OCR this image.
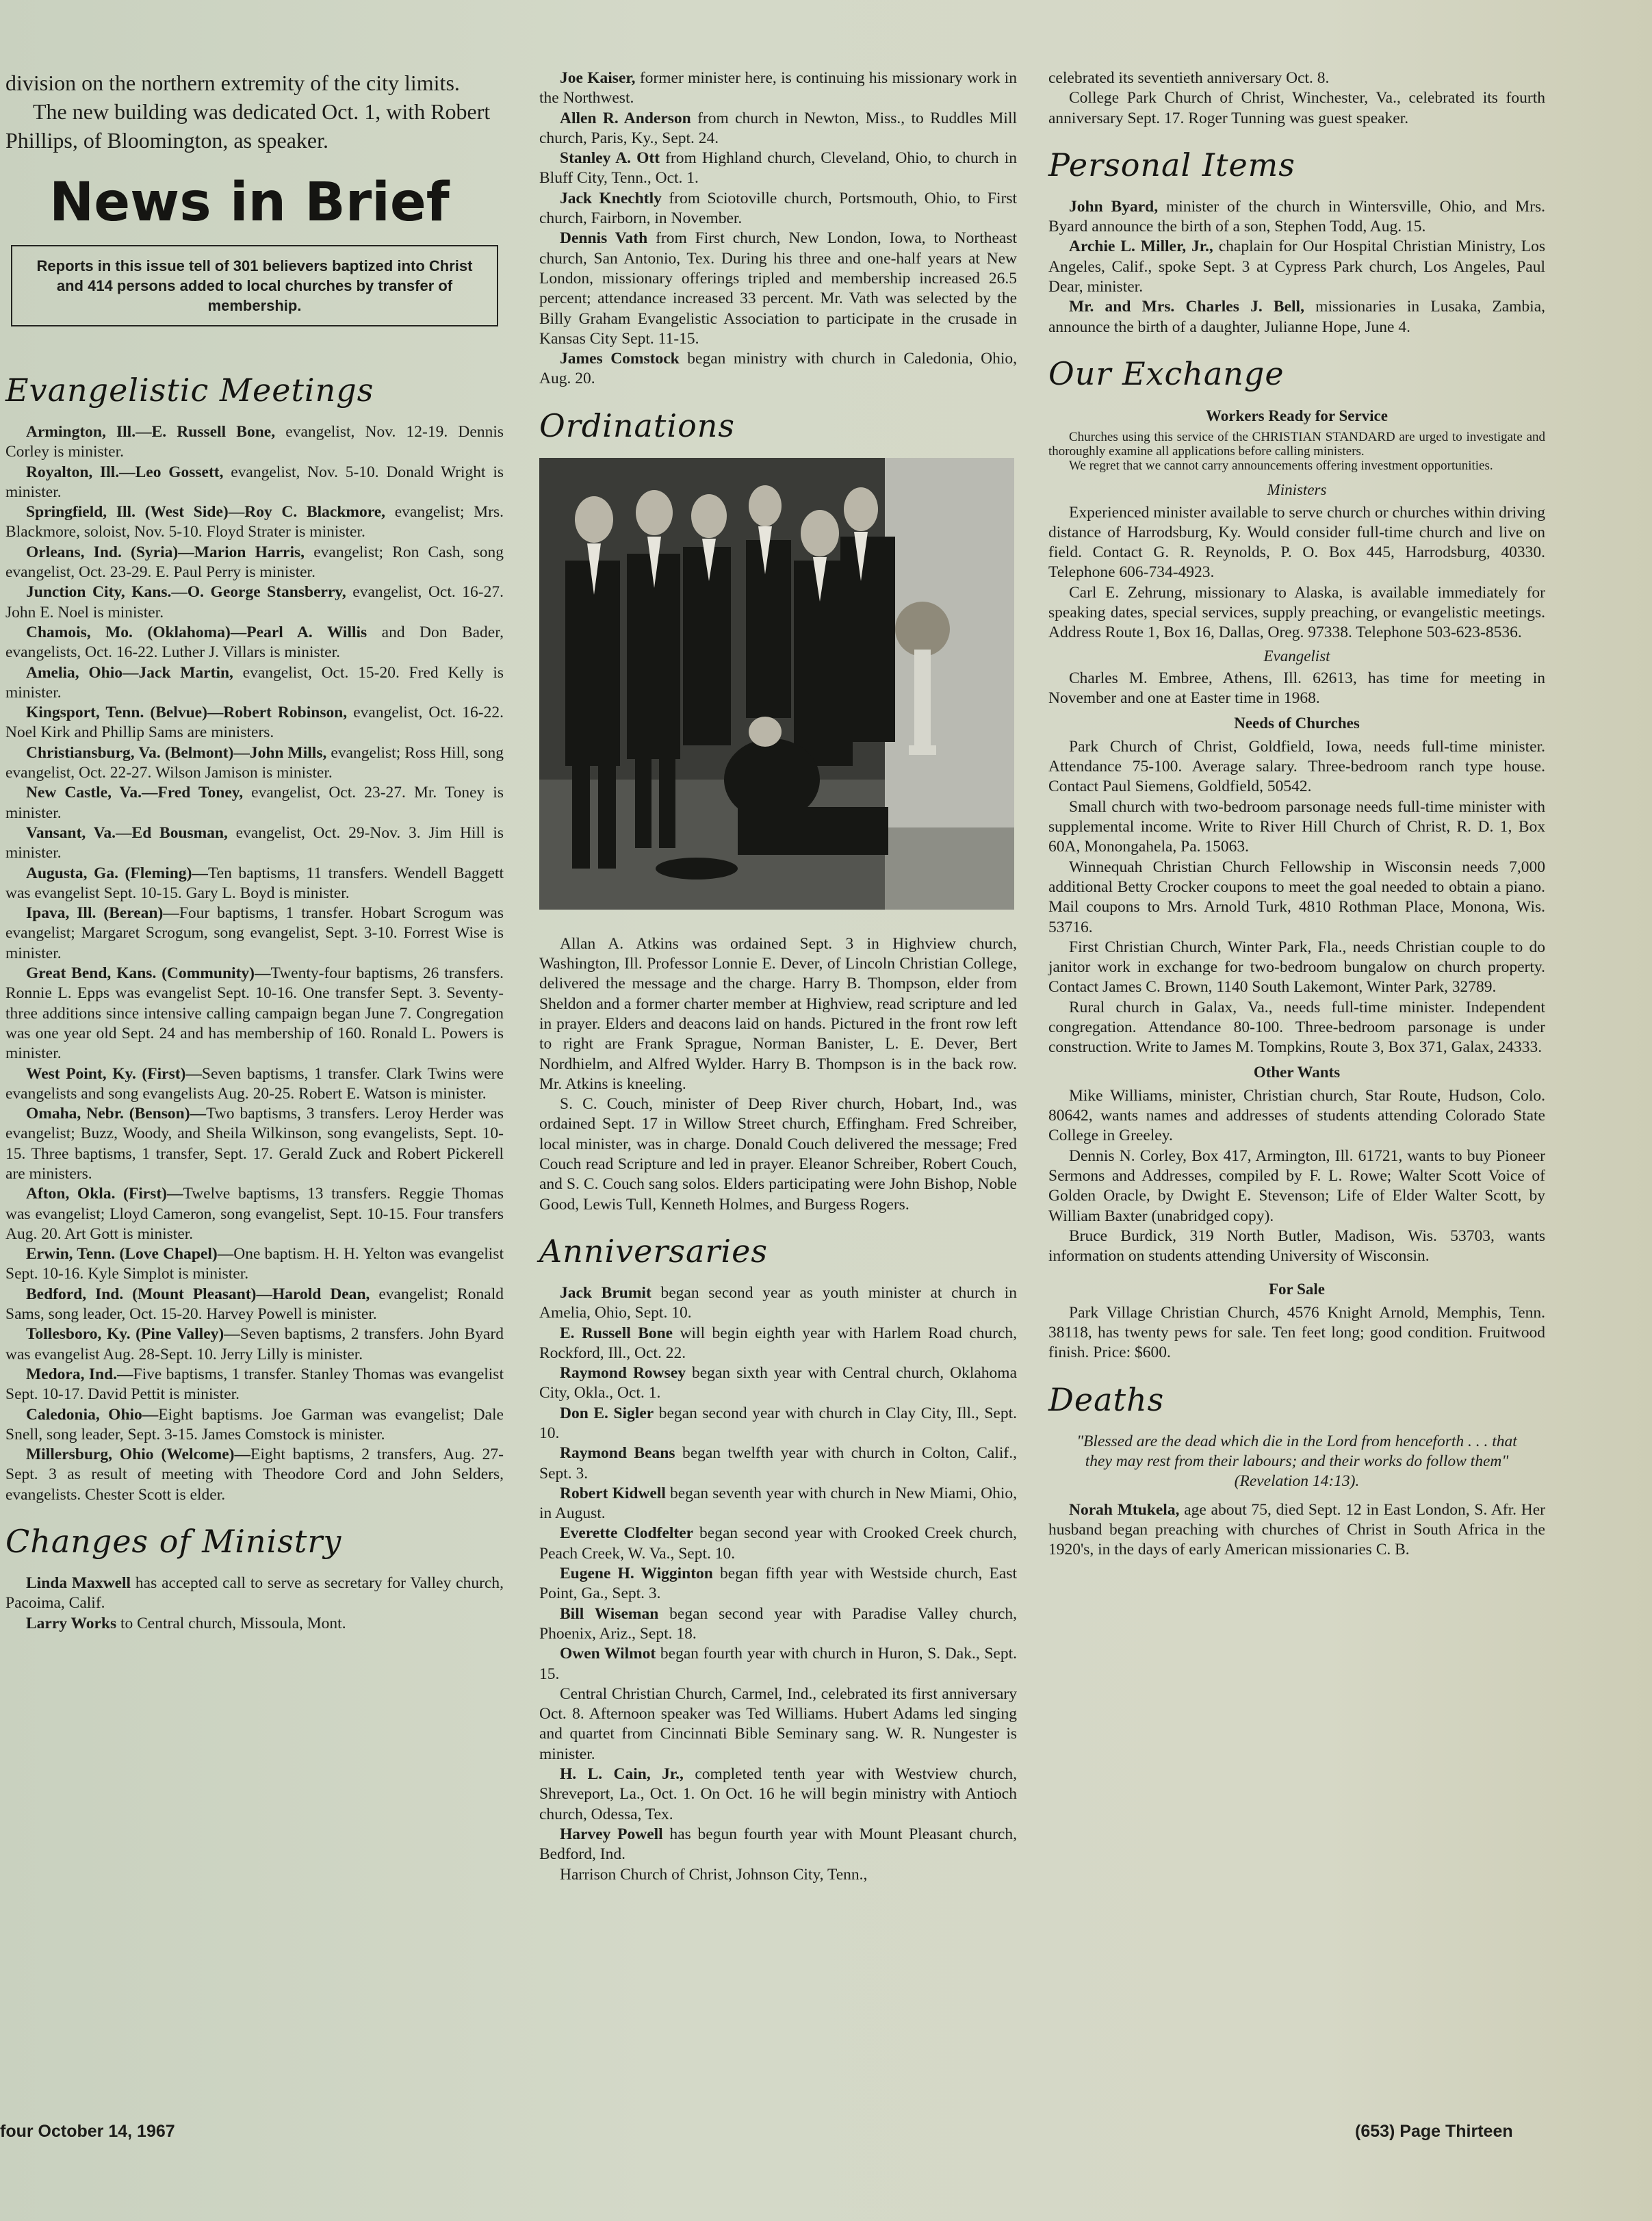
division on the northern extremity of the city limits.

The new building was dedicated Oct. 1, with Robert Phillips, of Bloomington, as speaker.

News in Brief
Reports in this issue tell of 301 believers baptized into Christ and 414 persons added to local churches by transfer of membership.
Evangelistic Meetings

Armington, Ill.—E. Russell Bone, evangelist, Nov. 12-19. Dennis Corley is minister.

Royalton, Ill.—Leo Gossett, evangelist, Nov. 5-10. Donald Wright is minister.

Springfield, Ill. (West Side)—Roy C. Blackmore, evangelist; Mrs. Blackmore, soloist, Nov. 5-10. Floyd Strater is minister.

Orleans, Ind. (Syria)—Marion Harris, evangelist; Ron Cash, song evangelist, Oct. 23-29. E. Paul Perry is minister.

Junction City, Kans.—O. George Stansberry, evangelist, Oct. 16-27. John E. Noel is minister.

Chamois, Mo. (Oklahoma)—Pearl A. Willis and Don Bader, evangelists, Oct. 16-22. Luther J. Villars is minister.

Amelia, Ohio—Jack Martin, evangelist, Oct. 15-20. Fred Kelly is minister.

Kingsport, Tenn. (Belvue)—Robert Robinson, evangelist, Oct. 16-22. Noel Kirk and Phillip Sams are ministers.

Christiansburg, Va. (Belmont)—John Mills, evangelist; Ross Hill, song evangelist, Oct. 22-27. Wilson Jamison is minister.

New Castle, Va.—Fred Toney, evangelist, Oct. 23-27. Mr. Toney is minister.

Vansant, Va.—Ed Bousman, evangelist, Oct. 29-Nov. 3. Jim Hill is minister.

Augusta, Ga. (Fleming)—Ten baptisms, 11 transfers. Wendell Baggett was evangelist Sept. 10-15. Gary L. Boyd is minister.

Ipava, Ill. (Berean)—Four baptisms, 1 transfer. Hobart Scrogum was evangelist; Margaret Scrogum, song evangelist, Sept. 3-10. Forrest Wise is minister.

Great Bend, Kans. (Community)—Twenty-four baptisms, 26 transfers. Ronnie L. Epps was evangelist Sept. 10-16. One transfer Sept. 3. Seventy-three additions since intensive calling campaign began June 7. Congregation was one year old Sept. 24 and has membership of 160. Ronald L. Powers is minister.

West Point, Ky. (First)—Seven baptisms, 1 transfer. Clark Twins were evangelists and song evangelists Aug. 20-25. Robert E. Watson is minister.

Omaha, Nebr. (Benson)—Two baptisms, 3 transfers. Leroy Herder was evangelist; Buzz, Woody, and Sheila Wilkinson, song evangelists, Sept. 10-15. Three baptisms, 1 transfer, Sept. 17. Gerald Zuck and Robert Pickerell are ministers.

Afton, Okla. (First)—Twelve baptisms, 13 transfers. Reggie Thomas was evangelist; Lloyd Cameron, song evangelist, Sept. 10-15. Four transfers Aug. 20. Art Gott is minister.

Erwin, Tenn. (Love Chapel)—One baptism. H. H. Yelton was evangelist Sept. 10-16. Kyle Simplot is minister.

Bedford, Ind. (Mount Pleasant)—Harold Dean, evangelist; Ronald Sams, song leader, Oct. 15-20. Harvey Powell is minister.

Tollesboro, Ky. (Pine Valley)—Seven baptisms, 2 transfers. John Byard was evangelist Aug. 28-Sept. 10. Jerry Lilly is minister.

Medora, Ind.—Five baptisms, 1 transfer. Stanley Thomas was evangelist Sept. 10-17. David Pettit is minister.

Caledonia, Ohio—Eight baptisms. Joe Garman was evangelist; Dale Snell, song leader, Sept. 3-15. James Comstock is minister.

Millersburg, Ohio (Welcome)—Eight baptisms, 2 transfers, Aug. 27-Sept. 3 as result of meeting with Theodore Cord and John Selders, evangelists. Chester Scott is elder.

Changes of Ministry

Linda Maxwell has accepted call to serve as secretary for Valley church, Pacoima, Calif.

Larry Works to Central church, Missoula, Mont.

Joe Kaiser, former minister here, is continuing his missionary work in the Northwest.

Allen R. Anderson from church in Newton, Miss., to Ruddles Mill church, Paris, Ky., Sept. 24.

Stanley A. Ott from Highland church, Cleveland, Ohio, to church in Bluff City, Tenn., Oct. 1.

Jack Knechtly from Sciotoville church, Portsmouth, Ohio, to First church, Fairborn, in November.

Dennis Vath from First church, New London, Iowa, to Northeast church, San Antonio, Tex. During his three and one-half years at New London, missionary offerings tripled and membership increased 26.5 percent; attendance increased 33 percent. Mr. Vath was selected by the Billy Graham Evangelistic Association to participate in the crusade in Kansas City Sept. 11-15.

James Comstock began ministry with church in Caledonia, Ohio, Aug. 20.

Ordinations

Allan A. Atkins was ordained Sept. 3 in Highview church, Washington, Ill. Professor Lonnie E. Dever, of Lincoln Christian College, delivered the message and the charge. Harry B. Thompson, elder from Sheldon and a former charter member at Highview, read scripture and led in prayer. Elders and deacons laid on hands. Pictured in the front row left to right are Frank Sprague, Norman Banister, L. E. Dever, Bert Nordhielm, and Alfred Wylder. Harry B. Thompson is in the back row. Mr. Atkins is kneeling.

S. C. Couch, minister of Deep River church, Hobart, Ind., was ordained Sept. 17 in Willow Street church, Effingham. Fred Schreiber, local minister, was in charge. Donald Couch delivered the message; Fred Couch read Scripture and led in prayer. Eleanor Schreiber, Robert Couch, and S. C. Couch sang solos. Elders participating were John Bishop, Noble Good, Lewis Tull, Kenneth Holmes, and Burgess Rogers.

Anniversaries

Jack Brumit began second year as youth minister at church in Amelia, Ohio, Sept. 10.

E. Russell Bone will begin eighth year with Harlem Road church, Rockford, Ill., Oct. 22.

Raymond Rowsey began sixth year with Central church, Oklahoma City, Okla., Oct. 1.

Don E. Sigler began second year with church in Clay City, Ill., Sept. 10.

Raymond Beans began twelfth year with church in Colton, Calif., Sept. 3.

Robert Kidwell began seventh year with church in New Miami, Ohio, in August.

Everette Clodfelter began second year with Crooked Creek church, Peach Creek, W. Va., Sept. 10.

Eugene H. Wigginton began fifth year with Westside church, East Point, Ga., Sept. 3.

Bill Wiseman began second year with Paradise Valley church, Phoenix, Ariz., Sept. 18.

Owen Wilmot began fourth year with church in Huron, S. Dak., Sept. 15.

Central Christian Church, Carmel, Ind., celebrated its first anniversary Oct. 8. Afternoon speaker was Ted Williams. Hubert Adams led singing and quartet from Cincinnati Bible Seminary sang. W. R. Nungester is minister.

H. L. Cain, Jr., completed tenth year with Westview church, Shreveport, La., Oct. 1. On Oct. 16 he will begin ministry with Antioch church, Odessa, Tex.

Harvey Powell has begun fourth year with Mount Pleasant church, Bedford, Ind.

Harrison Church of Christ, Johnson City, Tenn.,

celebrated its seventieth anniversary Oct. 8.

College Park Church of Christ, Winchester, Va., celebrated its fourth anniversary Sept. 17. Roger Tunning was guest speaker.

Personal Items

John Byard, minister of the church in Wintersville, Ohio, and Mrs. Byard announce the birth of a son, Stephen Todd, Aug. 15.

Archie L. Miller, Jr., chaplain for Our Hospital Christian Ministry, Los Angeles, Calif., spoke Sept. 3 at Cypress Park church, Los Angeles, Paul Dear, minister.

Mr. and Mrs. Charles J. Bell, missionaries in Lusaka, Zambia, announce the birth of a daughter, Julianne Hope, June 4.

Our Exchange
Workers Ready for Service

Churches using this service of the CHRISTIAN STANDARD are urged to investigate and thoroughly examine all applications before calling ministers.

We regret that we cannot carry announcements offering investment opportunities.

Ministers

Experienced minister available to serve church or churches within driving distance of Harrodsburg, Ky. Would consider full-time church and live on field. Contact G. R. Reynolds, P. O. Box 445, Harrodsburg, 40330. Telephone 606-734-4923.

Carl E. Zehrung, missionary to Alaska, is available immediately for speaking dates, special services, supply preaching, or evangelistic meetings. Address Route 1, Box 16, Dallas, Oreg. 97338. Telephone 503-623-8536.

Evangelist

Charles M. Embree, Athens, Ill. 62613, has time for meeting in November and one at Easter time in 1968.

Needs of Churches

Park Church of Christ, Goldfield, Iowa, needs full-time minister. Attendance 75-100. Average salary. Three-bedroom ranch type house. Contact Paul Siemens, Goldfield, 50542.

Small church with two-bedroom parsonage needs full-time minister with supplemental income. Write to River Hill Church of Christ, R. D. 1, Box 60A, Monongahela, Pa. 15063.

Winnequah Christian Church Fellowship in Wisconsin needs 7,000 additional Betty Crocker coupons to meet the goal needed to obtain a piano. Mail coupons to Mrs. Arnold Turk, 4810 Rothman Place, Monona, Wis. 53716.

First Christian Church, Winter Park, Fla., needs Christian couple to do janitor work in exchange for two-bedroom bungalow on church property. Contact James C. Brown, 1140 South Lakemont, Winter Park, 32789.

Rural church in Galax, Va., needs full-time minister. Independent congregation. Attendance 80-100. Three-bedroom parsonage is under construction. Write to James M. Tompkins, Route 3, Box 371, Galax, 24333.

Other Wants

Mike Williams, minister, Christian church, Star Route, Hudson, Colo. 80642, wants names and addresses of students attending Colorado State College in Greeley.

Dennis N. Corley, Box 417, Armington, Ill. 61721, wants to buy Pioneer Sermons and Addresses, compiled by F. L. Rowe; Walter Scott Voice of Golden Oracle, by Dwight E. Stevenson; Life of Elder Walter Scott, by William Baxter (unabridged copy).

Bruce Burdick, 319 North Butler, Madison, Wis. 53703, wants information on students attending University of Wisconsin.

For Sale

Park Village Christian Church, 4576 Knight Arnold, Memphis, Tenn. 38118, has twenty pews for sale. Ten feet long; good condition. Fruitwood finish. Price: $600.

Deaths

"Blessed are the dead which die in the Lord from henceforth . . . that they may rest from their labours; and their works do follow them" (Revelation 14:13).

Norah Mtukela, age about 75, died Sept. 12 in East London, S. Afr. Her husband began preaching with churches of Christ in South Africa in the 1920's, in the days of early American missionaries C. B.

four October 14, 1967	(653) Page Thirteen
